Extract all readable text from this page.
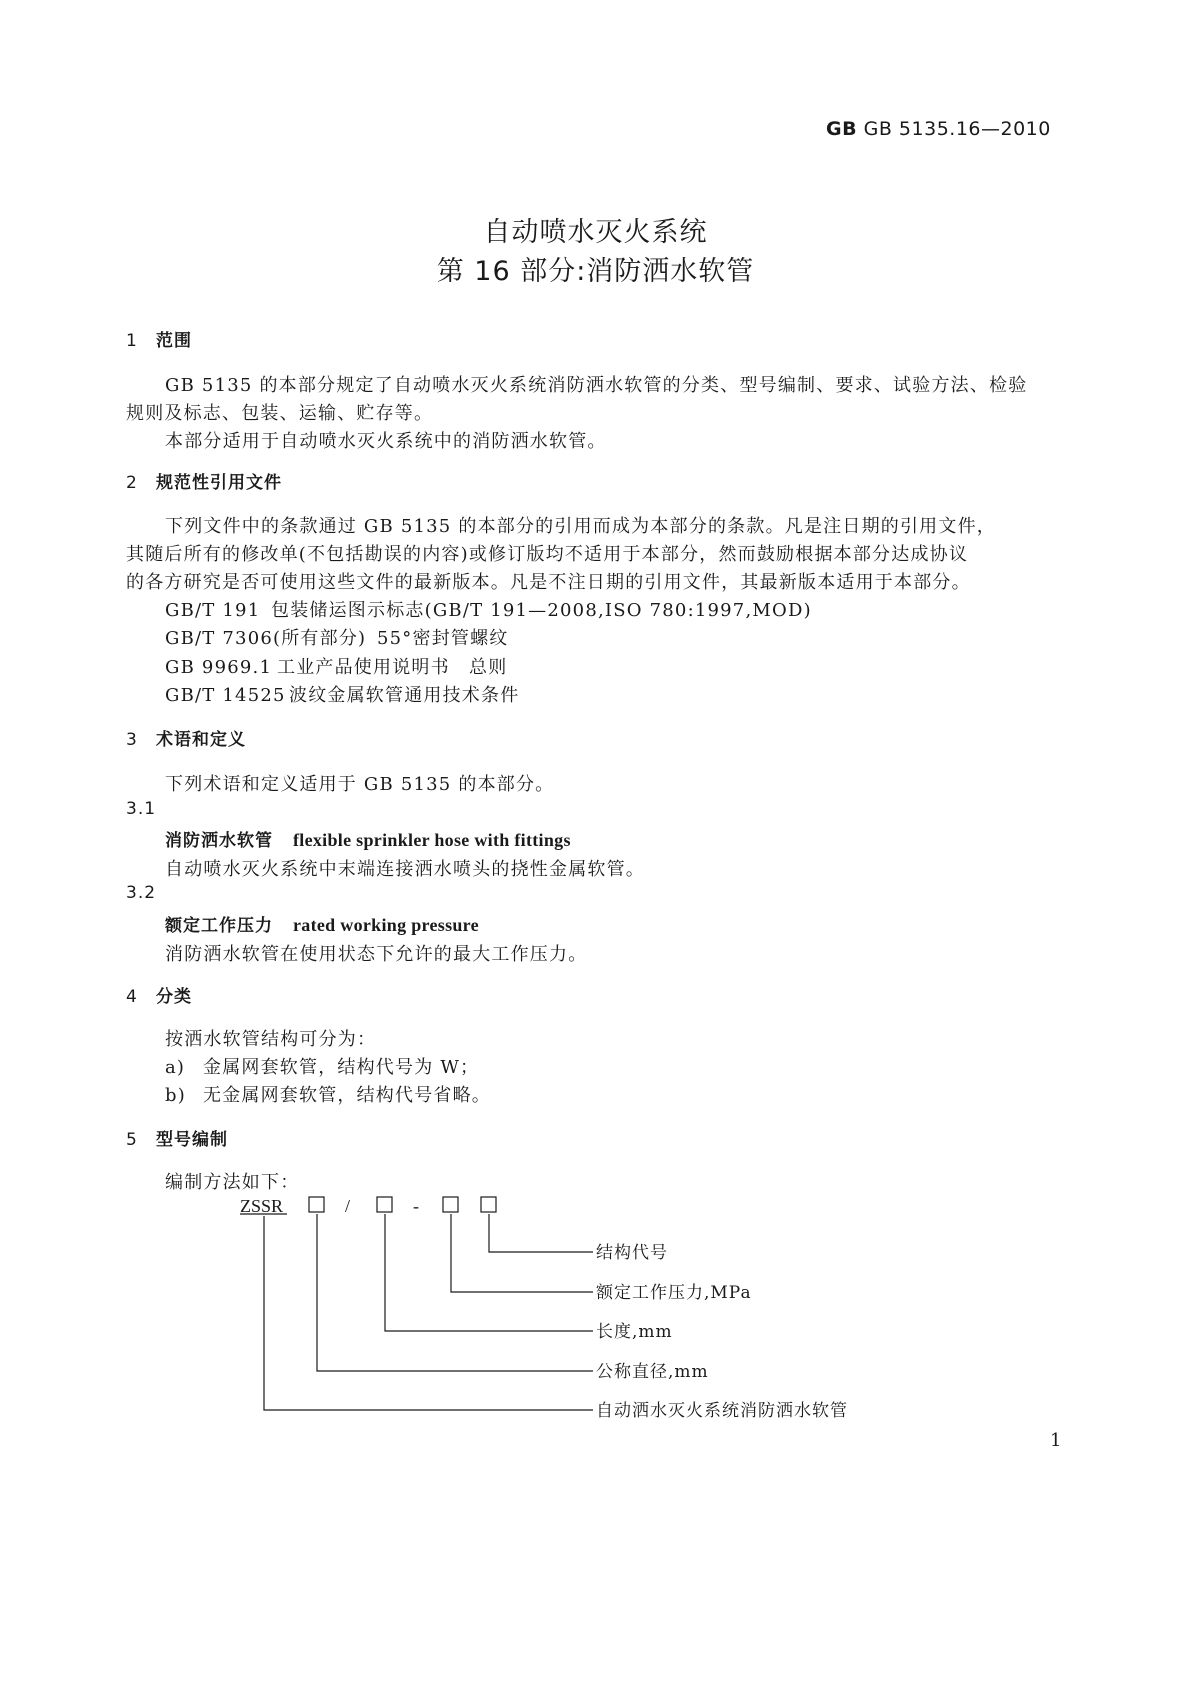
GB GB 5135.16—2010
自动喷水灭火系统
第 16 部分:消防洒水软管
1 范围
GB 5135 的本部分规定了自动喷水灭火系统消防洒水软管的分类、型号编制、要求、试验方法、检验
规则及标志、包装、运输、贮存等。
本部分适用于自动喷水灭火系统中的消防洒水软管。
2 规范性引用文件
下列文件中的条款通过 GB 5135 的本部分的引用而成为本部分的条款。凡是注日期的引用文件，
其随后所有的修改单(不包括勘误的内容)或修订版均不适用于本部分，然而鼓励根据本部分达成协议
的各方研究是否可使用这些文件的最新版本。凡是不注日期的引用文件，其最新版本适用于本部分。
GB/T 191 包装储运图示标志(GB/T 191—2008,ISO 780:1997,MOD)
GB/T 7306(所有部分) 55°密封管螺纹
GB 9969.1 工业产品使用说明书　总则
GB/T 14525 波纹金属软管通用技术条件
3 术语和定义
下列术语和定义适用于 GB 5135 的本部分。
3.1
消防洒水软管 flexible sprinkler hose with fittings
自动喷水灭火系统中末端连接洒水喷头的挠性金属软管。
3.2
额定工作压力 rated working pressure
消防洒水软管在使用状态下允许的最大工作压力。
4 分类
按洒水软管结构可分为：
a) 金属网套软管，结构代号为 W；
b) 无金属网套软管，结构代号省略。
5 型号编制
编制方法如下：
ZSSR	/	-
结构代号
额定工作压力,MPa
长度,mm
公称直径,mm
自动洒水灭火系统消防洒水软管
1
